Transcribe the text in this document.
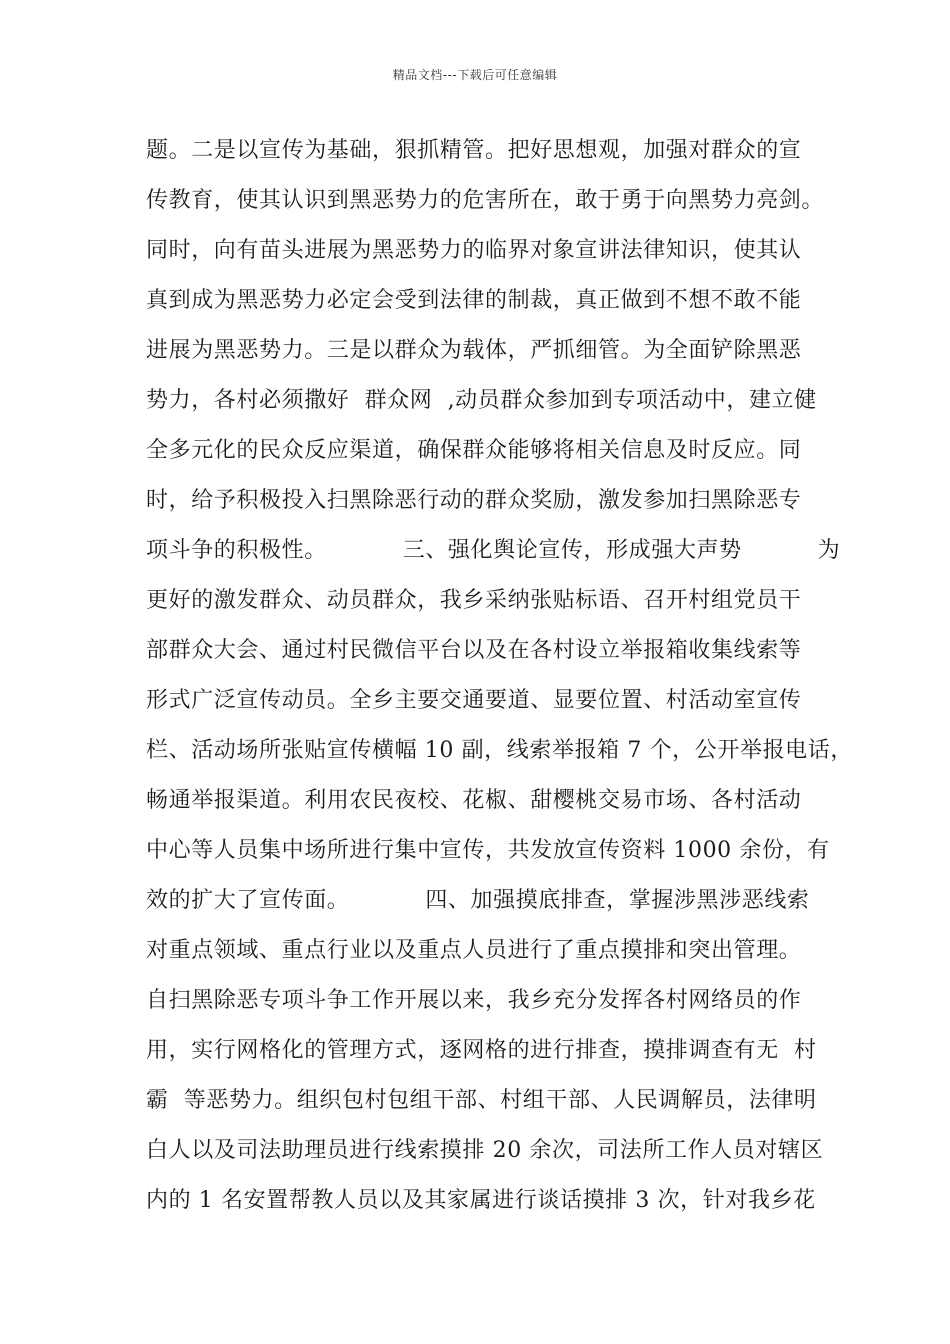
精品文档---下载后可任意编辑
题。二是以宣传为基础，狠抓精管。把好思想观，加强对群众的宣
传教育，使其认识到黑恶势力的危害所在，敢于勇于向黑势力亮剑。
同时，向有苗头进展为黑恶势力的临界对象宣讲法律知识，使其认
真到成为黑恶势力必定会受到法律的制裁，真正做到不想不敢不能
进展为黑恶势力。三是以群众为载体，严抓细管。为全面铲除黑恶
势力，各村必须撒好  群众网  ,动员群众参加到专项活动中，建立健
全多元化的民众反应渠道，确保群众能够将相关信息及时反应。同
时，给予积极投入扫黑除恶行动的群众奖励，激发参加扫黑除恶专
项斗争的积极性。          三、强化舆论宣传，形成强大声势          为
更好的激发群众、动员群众，我乡采纳张贴标语、召开村组党员干
部群众大会、通过村民微信平台以及在各村设立举报箱收集线索等
形式广泛宣传动员。全乡主要交通要道、显要位置、村活动室宣传
栏、活动场所张贴宣传横幅 10 副，线索举报箱 7 个，公开举报电话，
畅通举报渠道。利用农民夜校、花椒、甜樱桃交易市场、各村活动
中心等人员集中场所进行集中宣传，共发放宣传资料 1000 余份，有
效的扩大了宣传面。          四、加强摸底排查，掌握涉黑涉恶线索
对重点领域、重点行业以及重点人员进行了重点摸排和突出管理。
自扫黑除恶专项斗争工作开展以来，我乡充分发挥各村网络员的作
用，实行网格化的管理方式，逐网格的进行排查，摸排调查有无  村
霸  等恶势力。组织包村包组干部、村组干部、人民调解员，法律明
白人以及司法助理员进行线索摸排 20 余次，司法所工作人员对辖区
内的 1 名安置帮教人员以及其家属进行谈话摸排 3 次，针对我乡花
